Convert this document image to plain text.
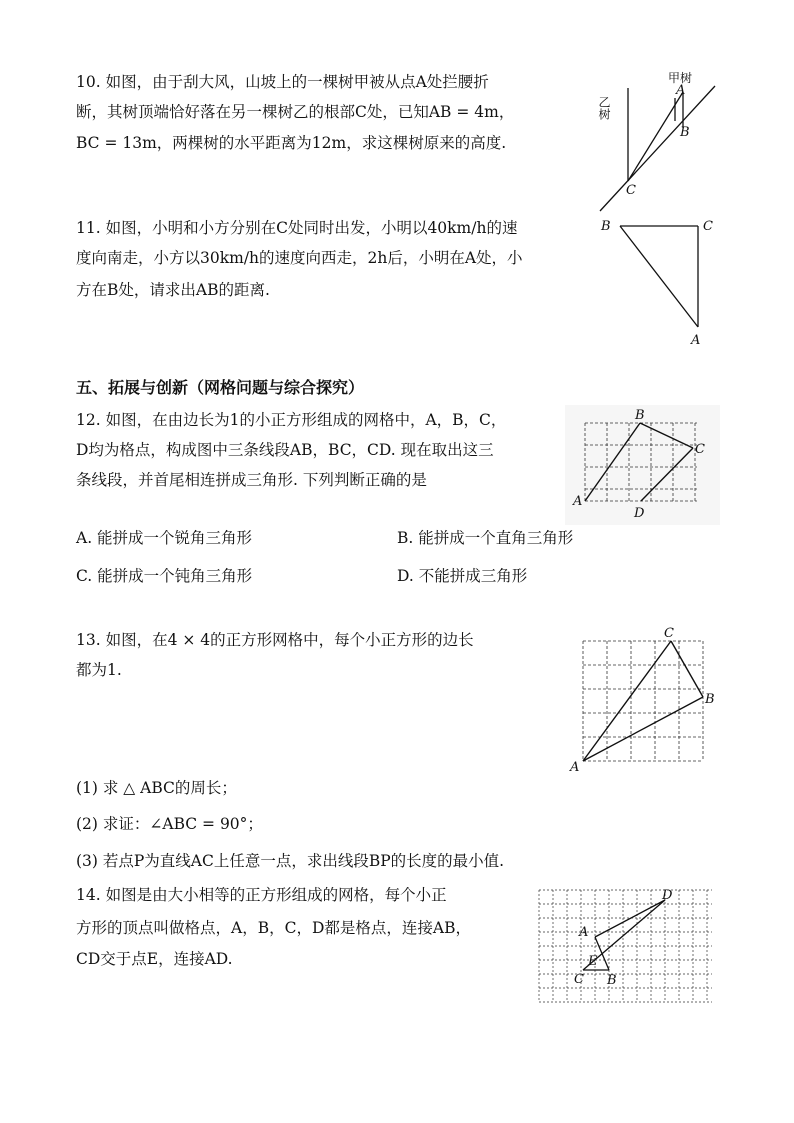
10. 如图，由于刮大风，山坡上的一棵树甲被从点A处拦腰折
断，其树顶端恰好落在另一棵树乙的根部C处，已知AB = 4m，
BC = 13m，两棵树的水平距离为12m，求这棵树原来的高度.
乙树
甲树
A
B
C
11. 如图，小明和小方分别在C处同时出发，小明以40km/h的速
度向南走，小方以30km/h的速度向西走，2h后，小明在A处，小
方在B处，请求出AB的距离.
B	C
A
五、拓展与创新（网格问题与综合探究）
12. 如图，在由边长为1的小正方形组成的网格中，A，B，C，
D均为格点，构成图中三条线段AB，BC，CD. 现在取出这三
条线段，并首尾相连拼成三角形. 下列判断正确的是
A. 能拼成一个锐角三角形	B. 能拼成一个直角三角形
C. 能拼成一个钝角三角形	D. 不能拼成三角形
A
B
C
D
13. 如图，在4 × 4的正方形网格中，每个小正方形的边长
都为1.
A
B
C
(1) 求 △ ABC的周长；
(2) 求证：∠ABC = 90°；
(3) 若点P为直线AC上任意一点，求出线段BP的长度的最小值.
14. 如图是由大小相等的正方形组成的网格，每个小正
方形的顶点叫做格点，A，B，C，D都是格点，连接AB，
CD交于点E，连接AD.
A
B
C
D
E
